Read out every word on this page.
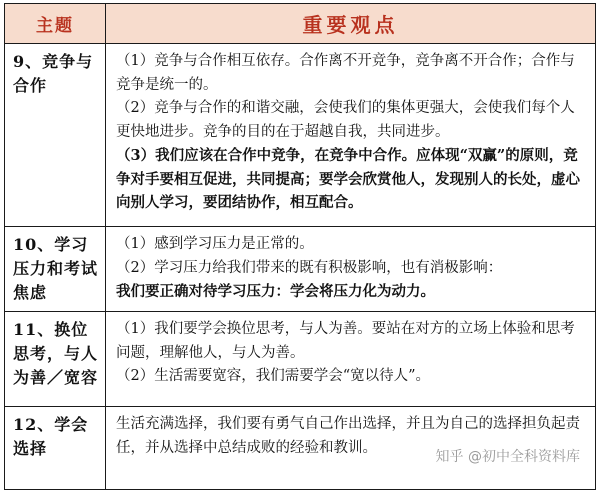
主题	重要观点
9、竞争与合作	（1）竞争与合作相互依存。合作离不开竞争，竞争离不开合作；合作与竞争是统一的。
（2）竞争与合作的和谐交融，会使我们的集体更强大，会使我们每个人更快地进步。竞争的目的在于超越自我，共同进步。
（3）我们应该在合作中竞争，在竞争中合作。应体现“双赢”的原则，竞争对手要相互促进，共同提高；要学会欣赏他人，发现别人的长处，虚心向别人学习，要团结协作，相互配合。

10、学习压力和考试焦虑	（1）感到学习压力是正常的。
（2）学习压力给我们带来的既有积极影响，也有消极影响：
我们要正确对待学习压力：学会将压力化为动力。

11、换位思考，与人为善／宽容	（1）我们要学会换位思考，与人为善。要站在对方的立场上体验和思考问题，理解他人，与人为善。
（2）生活需要宽容，我们需要学会“宽以待人”。

12、学会选择	生活充满选择，我们要有勇气自己作出选择，并且为自己的选择担负起责任，并从选择中总结成败的经验和教训。
知乎 @初中全科资料库
